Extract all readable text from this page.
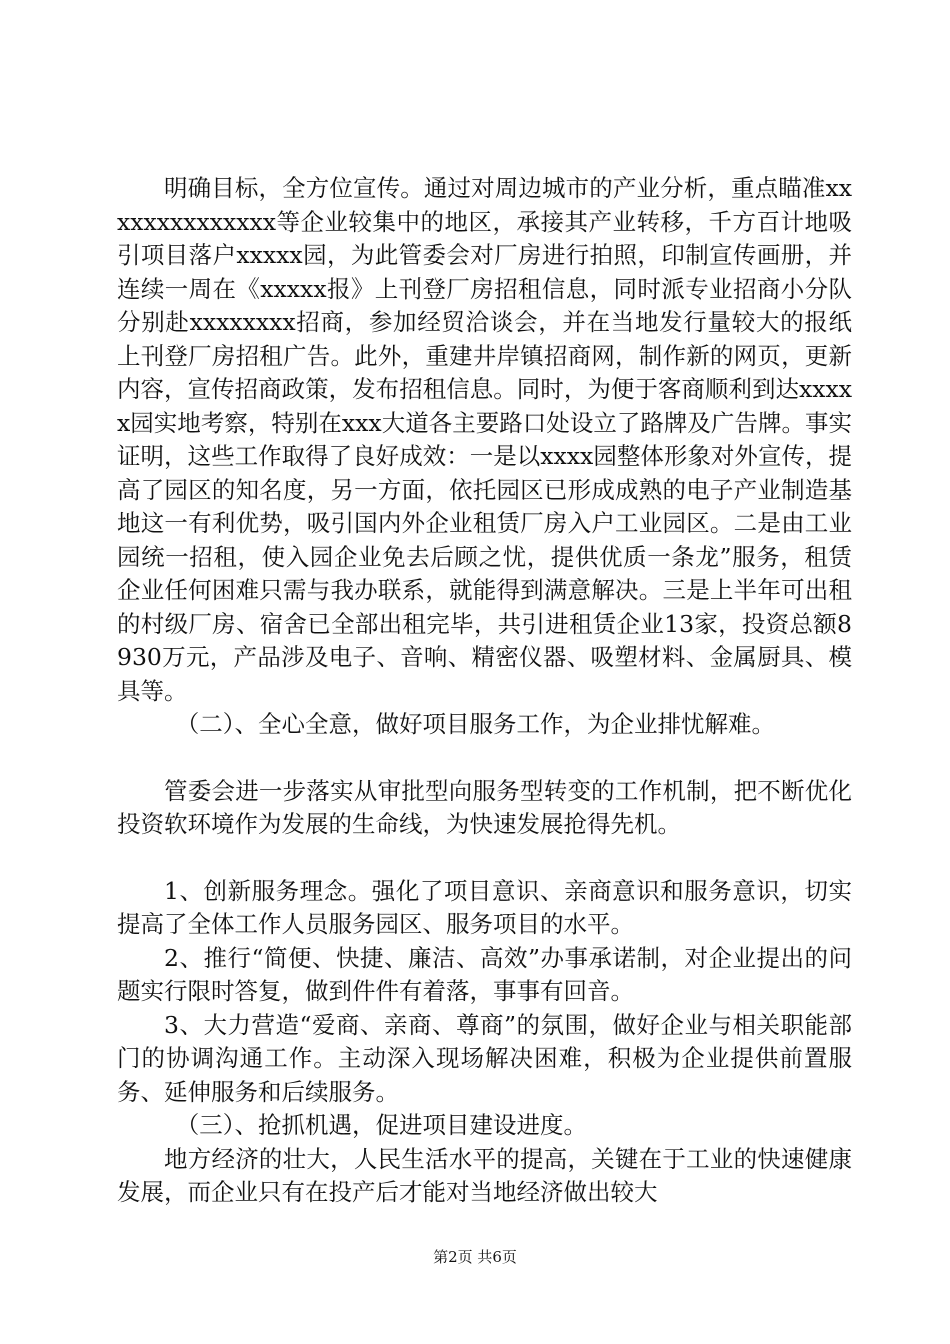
明确目标，全方位宣传。通过对周边城市的产业分析，重点瞄准xxxxxxxxxxxxxx等企业较集中的地区，承接其产业转移，千方百计地吸引项目落户xxxxx园，为此管委会对厂房进行拍照，印制宣传画册，并连续一周在《xxxxx报》上刊登厂房招租信息，同时派专业招商小分队分别赴xxxxxxxx招商，参加经贸洽谈会，并在当地发行量较大的报纸上刊登厂房招租广告。此外，重建井岸镇招商网，制作新的网页，更新内容，宣传招商政策，发布招租信息。同时，为便于客商顺利到达xxxxx园实地考察，特别在xxx大道各主要路口处设立了路牌及广告牌。事实证明，这些工作取得了良好成效：一是以xxxx园整体形象对外宣传，提高了园区的知名度，另一方面，依托园区已形成成熟的电子产业制造基地这一有利优势，吸引国内外企业租赁厂房入户工业园区。二是由工业园统一招租，使入园企业免去后顾之忧，提供优质一条龙”服务，租赁企业任何困难只需与我办联系，就能得到满意解决。三是上半年可出租的村级厂房、宿舍已全部出租完毕，共引进租赁企业13家，投资总额8930万元，产品涉及电子、音响、精密仪器、吸塑材料、金属厨具、模具等。

（二）、全心全意，做好项目服务工作，为企业排忧解难。

管委会进一步落实从审批型向服务型转变的工作机制，把不断优化投资软环境作为发展的生命线，为快速发展抢得先机。

1、创新服务理念。强化了项目意识、亲商意识和服务意识，切实提高了全体工作人员服务园区、服务项目的水平。

2、推行“简便、快捷、廉洁、高效”办事承诺制，对企业提出的问题实行限时答复，做到件件有着落，事事有回音。

3、大力营造“爱商、亲商、尊商”的氛围，做好企业与相关职能部门的协调沟通工作。主动深入现场解决困难，积极为企业提供前置服务、延伸服务和后续服务。

（三）、抢抓机遇，促进项目建设进度。

地方经济的壮大，人民生活水平的提高，关键在于工业的快速健康发展，而企业只有在投产后才能对当地经济做出较大

第2页 共6页
